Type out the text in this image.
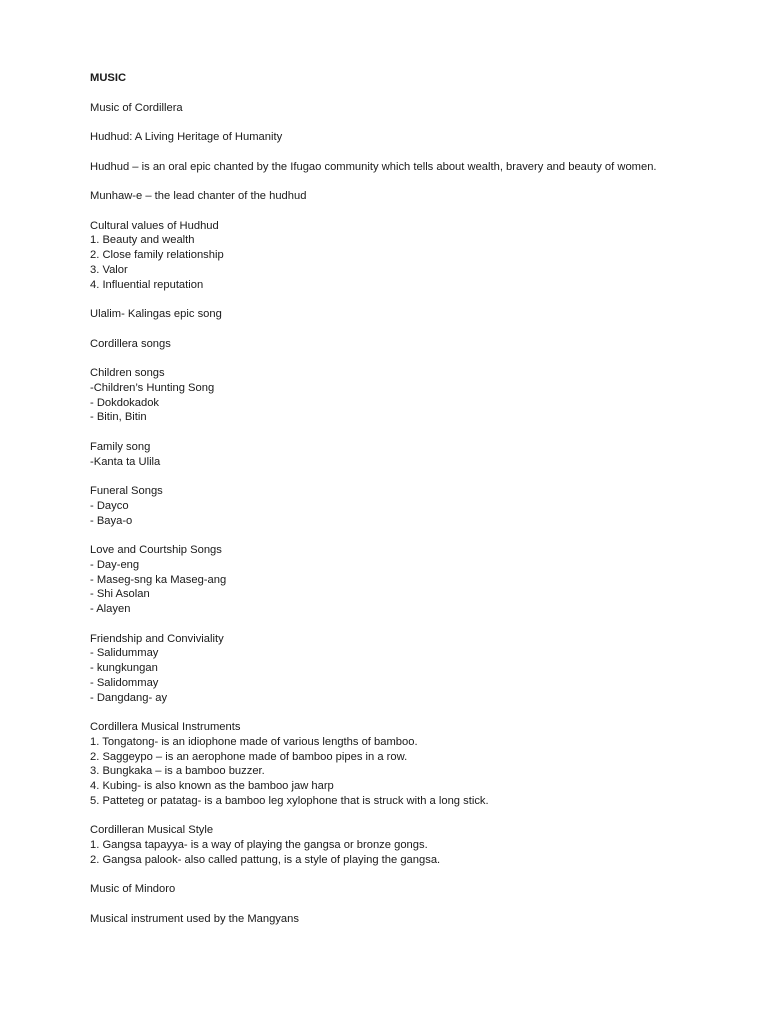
MUSIC
Music of Cordillera
Hudhud: A Living Heritage of Humanity
Hudhud – is an oral epic chanted by the Ifugao community which tells about wealth, bravery and beauty of women.
Munhaw-e – the lead chanter of the hudhud
Cultural values of Hudhud
1. Beauty and wealth
2. Close family relationship
3. Valor
4. Influential reputation
Ulalim- Kalingas epic song
Cordillera songs
Children songs
-Children’s Hunting Song
- Dokdokadok
- Bitin, Bitin
Family song
-Kanta ta Ulila
Funeral Songs
- Dayco
- Baya-o
Love and Courtship Songs
- Day-eng
- Maseg-sng ka Maseg-ang
- Shi Asolan
- Alayen
Friendship and Conviviality
- Salidummay
- kungkungan
- Salidommay
- Dangdang- ay
Cordillera Musical Instruments
1. Tongatong- is an idiophone made of various lengths of bamboo.
2. Saggeypo – is an aerophone made of bamboo pipes in a row.
3. Bungkaka – is a bamboo buzzer.
4. Kubing- is also known as the bamboo jaw harp
5. Patteteg or patatag- is a bamboo leg xylophone that is struck with a long stick.
Cordilleran Musical Style
1. Gangsa tapayya- is a way of playing the gangsa or bronze gongs.
2. Gangsa palook- also called pattung, is a style of playing the gangsa.
Music of Mindoro
Musical instrument used by the Mangyans
